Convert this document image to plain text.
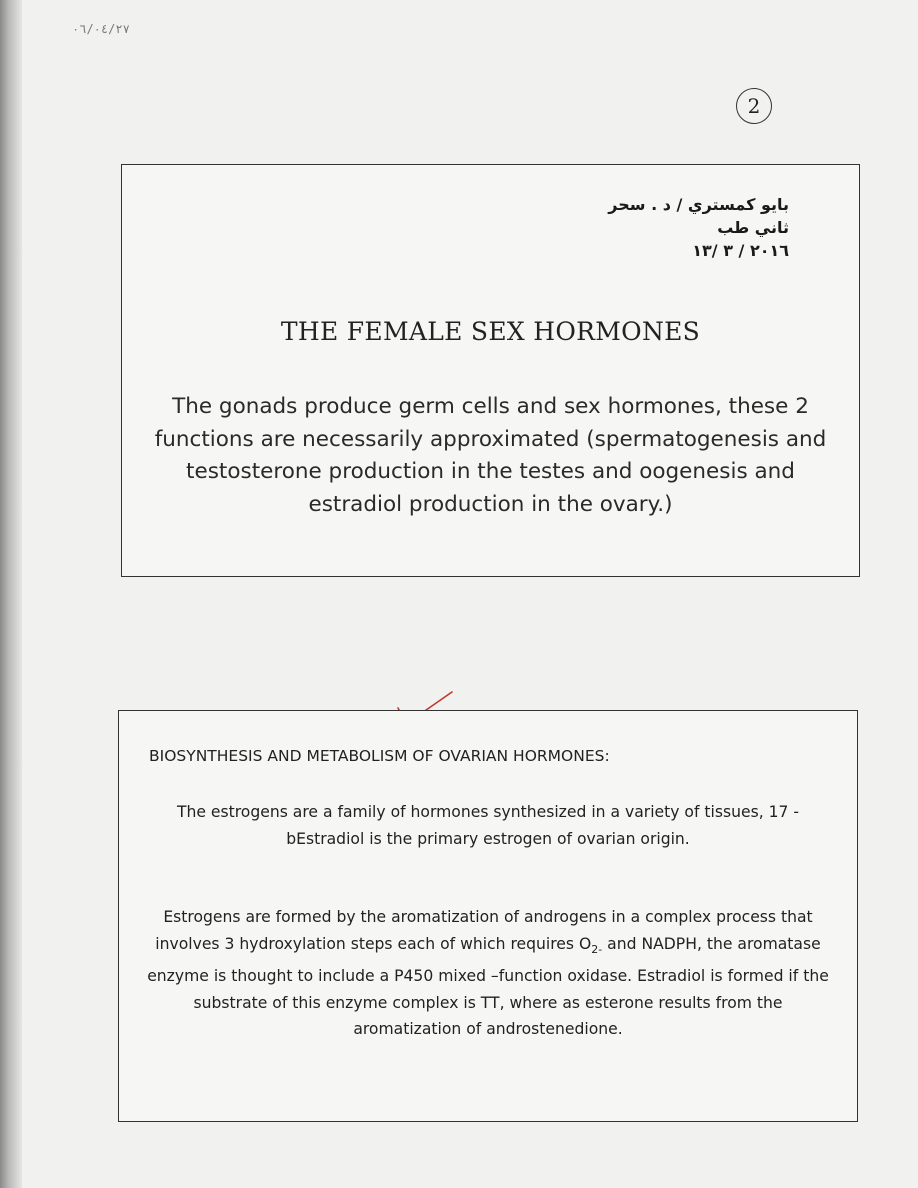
٠٦/٠٤/٢٧
2
بايو كمستري / د . سحر
ثاني طب
٢٠١٦ / ٣ /١٣
THE FEMALE SEX HORMONES
The gonads produce germ cells and sex hormones, these 2 functions are necessarily approximated (spermatogenesis and testosterone production in the testes and oogenesis and estradiol production in the ovary.)
BIOSYNTHESIS AND METABOLISM OF OVARIAN HORMONES:
The estrogens are a family of hormones synthesized in a variety of tissues, 17 -bEstradiol is the primary estrogen of ovarian origin.
Estrogens are formed by the aromatization of androgens in a complex process that involves 3 hydroxylation steps each of which requires $O_{2-}$ and NADPH, the aromatase enzyme is thought to include a P450 mixed –function oxidase. Estradiol is formed if the substrate of this enzyme complex is TT, where as esterone results from the aromatization of androstenedione.
